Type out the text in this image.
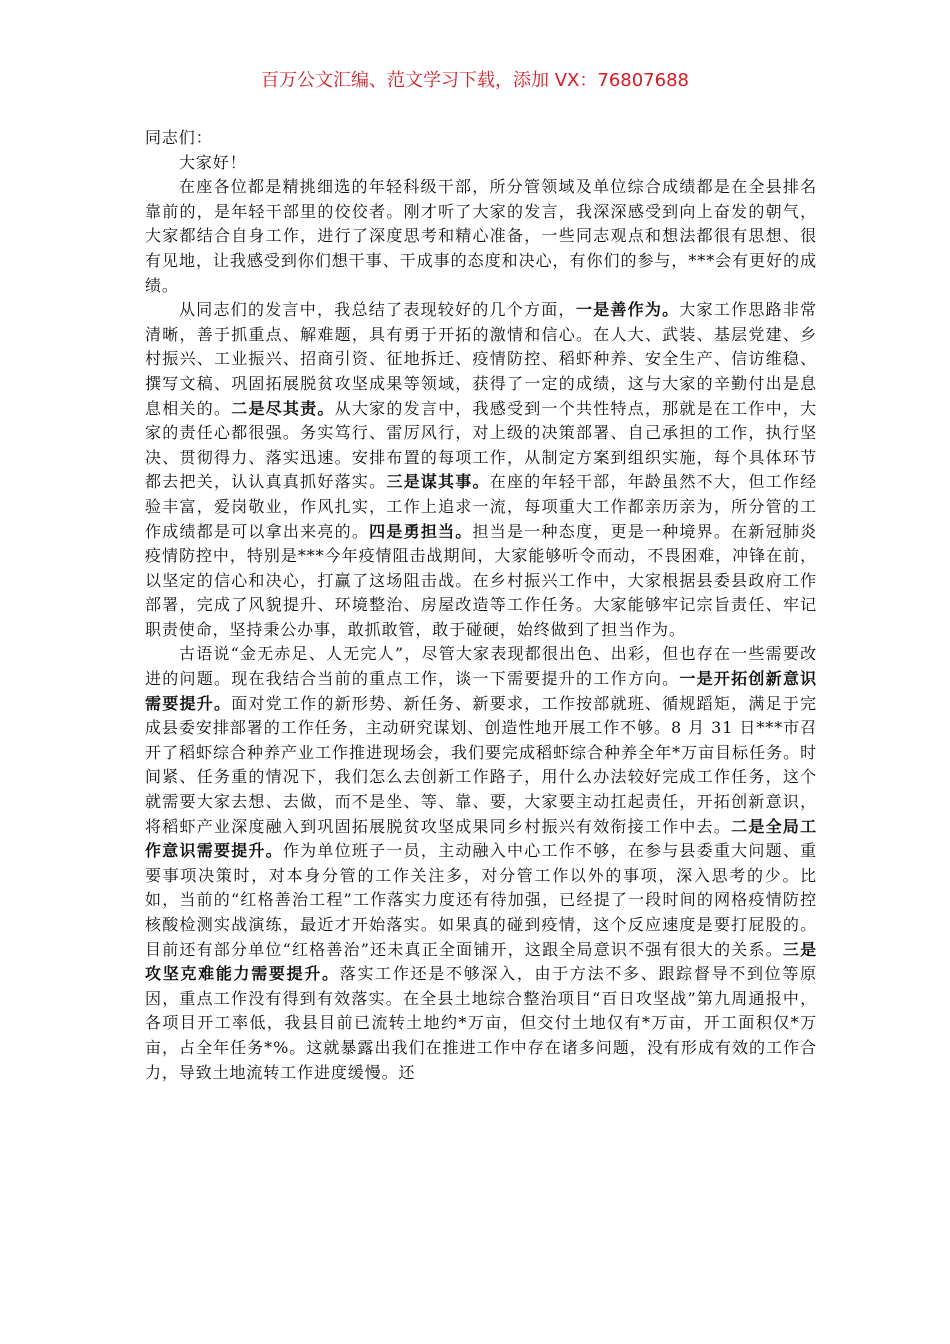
百万公文汇编、范文学习下载，添加 VX：76807688

同志们：

大家好！

在座各位都是精挑细选的年轻科级干部，所分管领域及单位综合成绩都是在全县排名靠前的，是年轻干部里的佼佼者。刚才听了大家的发言，我深深感受到向上奋发的朝气，大家都结合自身工作，进行了深度思考和精心准备，一些同志观点和想法都很有思想、很有见地，让我感受到你们想干事、干成事的态度和决心，有你们的参与，***会有更好的成绩。

从同志们的发言中，我总结了表现较好的几个方面，一是善作为。大家工作思路非常清晰，善于抓重点、解难题，具有勇于开拓的激情和信心。在人大、武装、基层党建、乡村振兴、工业振兴、招商引资、征地拆迁、疫情防控、稻虾种养、安全生产、信访维稳、撰写文稿、巩固拓展脱贫攻坚成果等领域，获得了一定的成绩，这与大家的辛勤付出是息息相关的。二是尽其责。从大家的发言中，我感受到一个共性特点，那就是在工作中，大家的责任心都很强。务实笃行、雷厉风行，对上级的决策部署、自己承担的工作，执行坚决、贯彻得力、落实迅速。安排布置的每项工作，从制定方案到组织实施，每个具体环节都去把关，认认真真抓好落实。三是谋其事。在座的年轻干部，年龄虽然不大，但工作经验丰富，爱岗敬业，作风扎实，工作上追求一流，每项重大工作都亲历亲为，所分管的工作成绩都是可以拿出来亮的。四是勇担当。担当是一种态度，更是一种境界。在新冠肺炎疫情防控中，特别是***今年疫情阻击战期间，大家能够听令而动，不畏困难，冲锋在前，以坚定的信心和决心，打赢了这场阻击战。在乡村振兴工作中，大家根据县委县政府工作部署，完成了风貌提升、环境整治、房屋改造等工作任务。大家能够牢记宗旨责任、牢记职责使命，坚持秉公办事，敢抓敢管，敢于碰硬，始终做到了担当作为。

古语说“金无赤足、人无完人”，尽管大家表现都很出色、出彩，但也存在一些需要改进的问题。现在我结合当前的重点工作，谈一下需要提升的工作方向。一是开拓创新意识需要提升。面对党工作的新形势、新任务、新要求，工作按部就班、循规蹈矩，满足于完成县委安排部署的工作任务，主动研究谋划、创造性地开展工作不够。8 月 31 日***市召开了稻虾综合种养产业工作推进现场会，我们要完成稻虾综合种养全年*万亩目标任务。时间紧、任务重的情况下，我们怎么去创新工作路子，用什么办法较好完成工作任务，这个就需要大家去想、去做，而不是坐、等、靠、要，大家要主动扛起责任，开拓创新意识，将稻虾产业深度融入到巩固拓展脱贫攻坚成果同乡村振兴有效衔接工作中去。二是全局工作意识需要提升。作为单位班子一员，主动融入中心工作不够，在参与县委重大问题、重要事项决策时，对本身分管的工作关注多，对分管工作以外的事项，深入思考的少。比如，当前的“红格善治工程”工作落实力度还有待加强，已经提了一段时间的网格疫情防控核酸检测实战演练，最近才开始落实。如果真的碰到疫情，这个反应速度是要打屁股的。目前还有部分单位“红格善治”还未真正全面铺开，这跟全局意识不强有很大的关系。三是攻坚克难能力需要提升。落实工作还是不够深入，由于方法不多、跟踪督导不到位等原因，重点工作没有得到有效落实。在全县土地综合整治项目“百日攻坚战”第九周通报中，各项目开工率低，我县目前已流转土地约*万亩，但交付土地仅有*万亩，开工面积仅*万亩，占全年任务*%。这就暴露出我们在推进工作中存在诸多问题，没有形成有效的工作合力，导致土地流转工作进度缓慢。还
